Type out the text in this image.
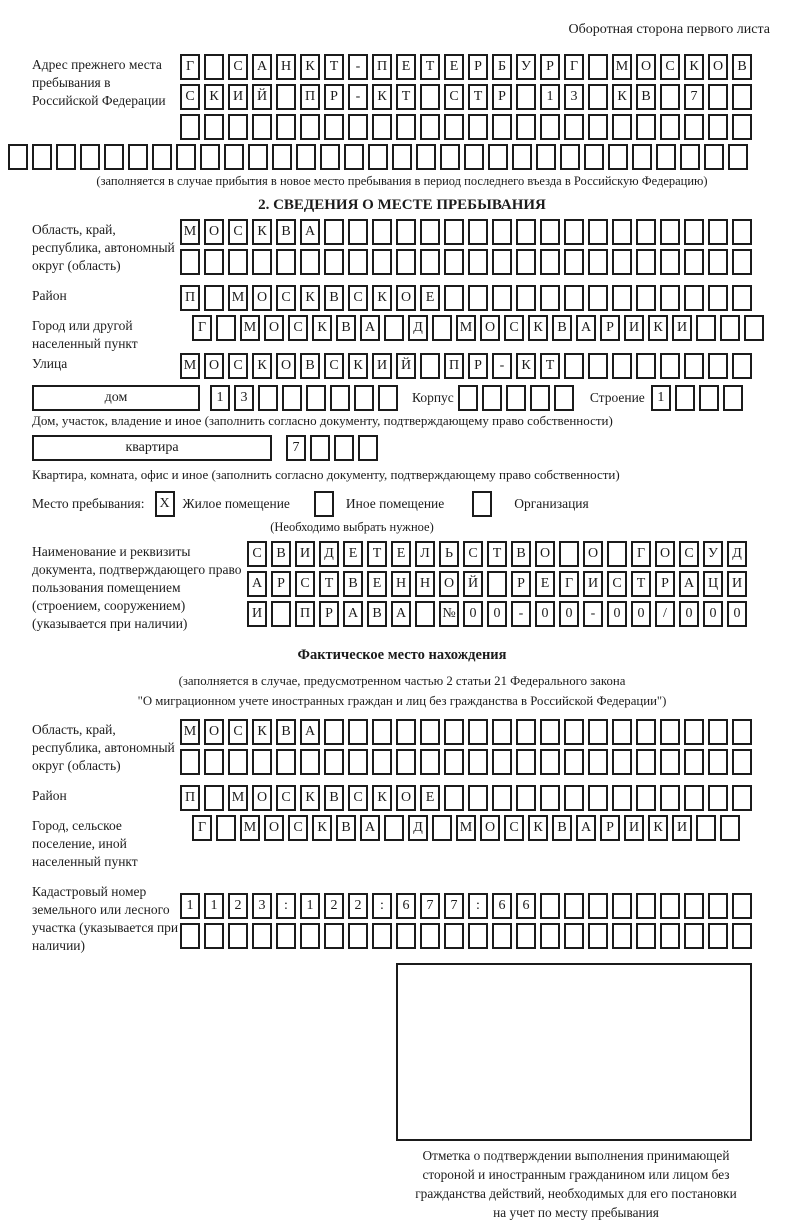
Оборотная сторона первого листа
Адрес прежнего места пребывания в Российской Федерации
Г	С	А Н	К	Т	-	П	Е	Т	Е	Р	Б	У	Р	Г	М О	С	К	О	В
С	К	И Й	П	Р	-	К	Т	С	Т	Р	1	3	К	В	7
(заполняется в случае прибытия в новое место пребывания в период последнего въезда в Российскую Федерацию)
2. СВЕДЕНИЯ О МЕСТЕ ПРЕБЫВАНИЯ
Область, край, республика, автономный округ (область)
М О	С	К	В	А
Район	П	М О	С	К	В	С	К	О	Е
Город или другой населенный пункт
Г	М О	С	К	В	А	Д	М О	С	К	В	А	Р	И	К	И
Улица	М О	С	К	О	В	С	К	И Й	П	Р	-	К	Т
дом	1	3	Корпус	Строение 1
Дом, участок, владение и иное (заполнить согласно документу, подтверждающему право собственности)
квартира	7
Квартира, комната, офис и иное (заполнить согласно документу, подтверждающему право собственности)
Место пребывания:	X Жилое помещение	Иное помещение	Организация
(Необходимо выбрать нужное)
Наименование и реквизиты документа, подтверждающего право пользования помещением (строением, сооружением) (указывается при наличии)
С	В	И	Д	Е	Т	Е	Л	Ь	С	Т	В	О	О	Г	О	С	У	Д
А	Р	С	Т	В	Е	Н Н О Й	Р	Е	Г	И	С	Т	Р	А Ц И
И	П	Р	А	В	А	№ 0	0	-	0	0	-	0	0	/	0	0	0
Фактическое место нахождения
(заполняется в случае, предусмотренном частью 2 статьи 21 Федерального закона
"О миграционном учете иностранных граждан и лиц без гражданства в Российской Федерации")
Область, край, республика, автономный округ (область)
М О	С	К	В	А
Район	П	М О	С	К	В	С	К	О	Е
Город, сельское поселение, иной населенный пункт
Г	М О	С	К	В	А	Д	М О	С	К	В	А	Р	И	К	И
Кадастровый номер земельного или лесного участка (указывается при наличии)
1	1	2	3	:	1	2	2	:	6	7	7	:	6	6
Отметка о подтверждении выполнения принимающей
стороной и иностранным гражданином или лицом без
гражданства действий, необходимых для его постановки
на учет по месту пребывания
